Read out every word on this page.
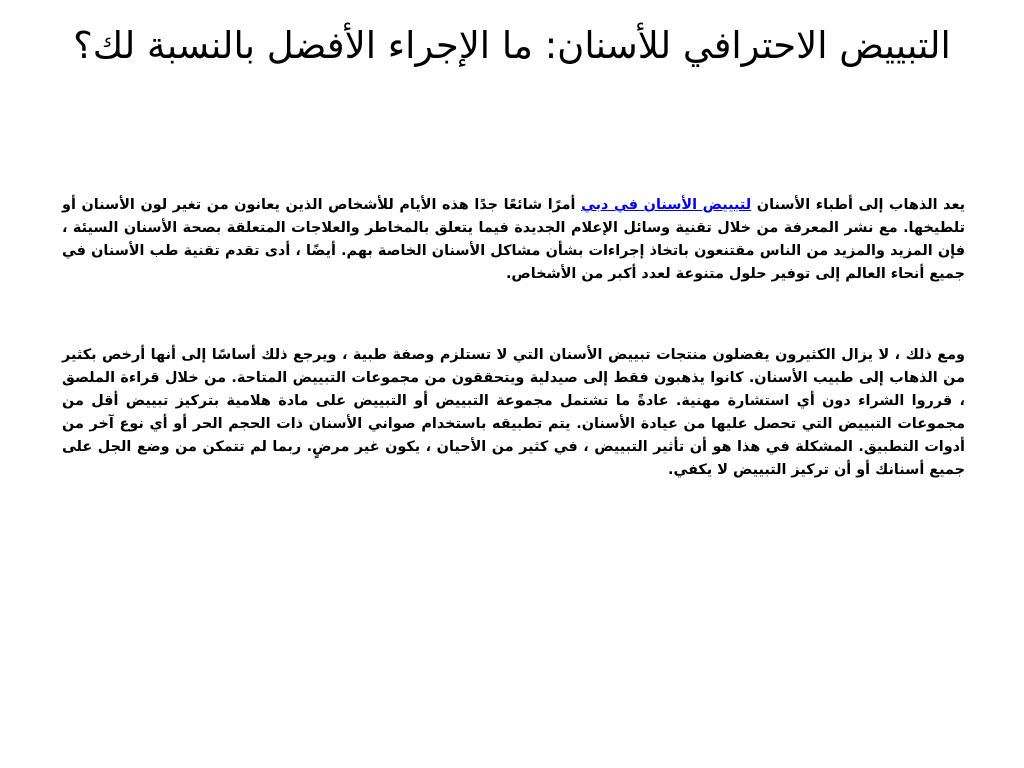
التبييض الاحترافي للأسنان: ما الإجراء الأفضل بالنسبة لك؟

يعد الذهاب إلى أطباء الأسنان لتبييض الأسنان في دبي أمرًا شائعًا جدًا هذه الأيام للأشخاص الذين يعانون من تغير لون الأسنان أو تلطيخها. مع نشر المعرفة من خلال تقنية وسائل الإعلام الجديدة فيما يتعلق بالمخاطر والعلاجات المتعلقة بصحة الأسنان السيئة ، فإن المزيد والمزيد من الناس مقتنعون باتخاذ إجراءات بشأن مشاكل الأسنان الخاصة بهم. أيضًا ، أدى تقدم تقنية طب الأسنان في جميع أنحاء العالم إلى توفير حلول متنوعة لعدد أكبر من الأشخاص.

ومع ذلك ، لا يزال الكثيرون يفضلون منتجات تبييض الأسنان التي لا تستلزم وصفة طبية ، ويرجع ذلك أساسًا إلى أنها أرخص بكثير من الذهاب إلى طبيب الأسنان. كانوا يذهبون فقط إلى صيدلية ويتحققون من مجموعات التبييض المتاحة. من خلال قراءة الملصق ، قرروا الشراء دون أي استشارة مهنية. عادةً ما تشتمل مجموعة التبييض أو التبييض على مادة هلامية بتركيز تبييض أقل من مجموعات التبييض التي تحصل عليها من عيادة الأسنان. يتم تطبيقه باستخدام صواني الأسنان ذات الحجم الحر أو أي نوع آخر من أدوات التطبيق. المشكلة في هذا هو أن تأثير التبييض ، في كثير من الأحيان ، يكون غير مرضٍ. ربما لم تتمكن من وضع الجل على جميع أسنانك أو أن تركيز التبييض لا يكفي.
